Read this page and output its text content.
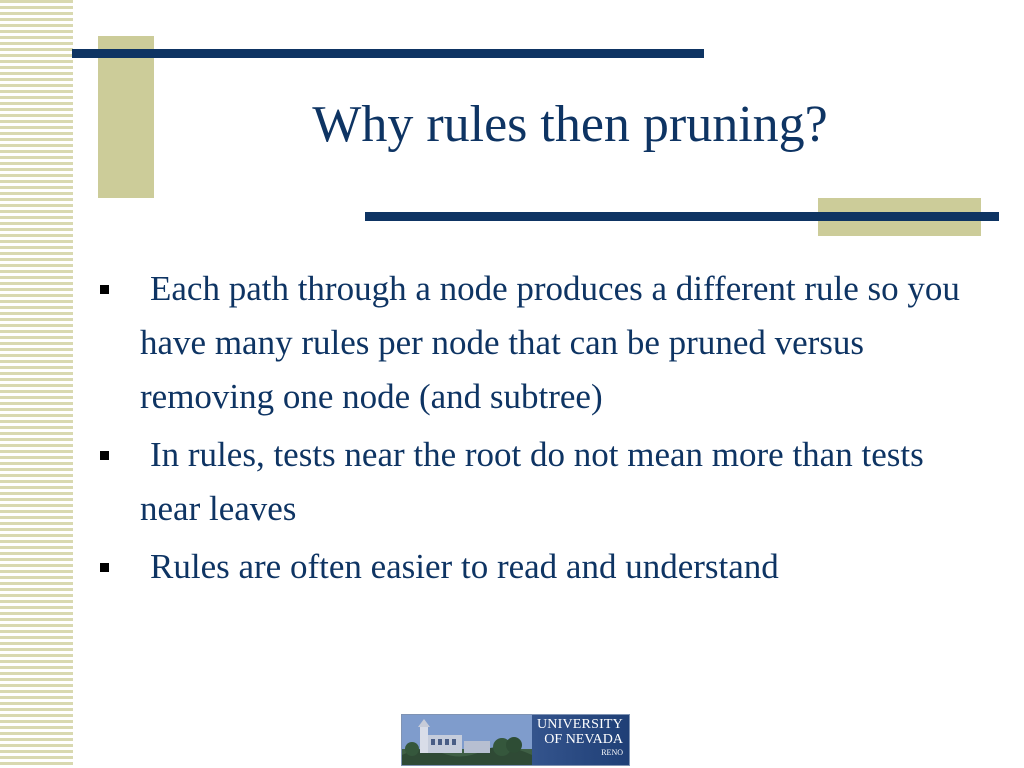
Why rules then pruning?
Each path through a node produces a different rule so you have many rules per node that can be pruned versus removing one node (and subtree)
In rules, tests near the root do not mean more than tests near leaves
Rules are often easier to read and understand
UNIVERSITY
OF NEVADA
RENO
